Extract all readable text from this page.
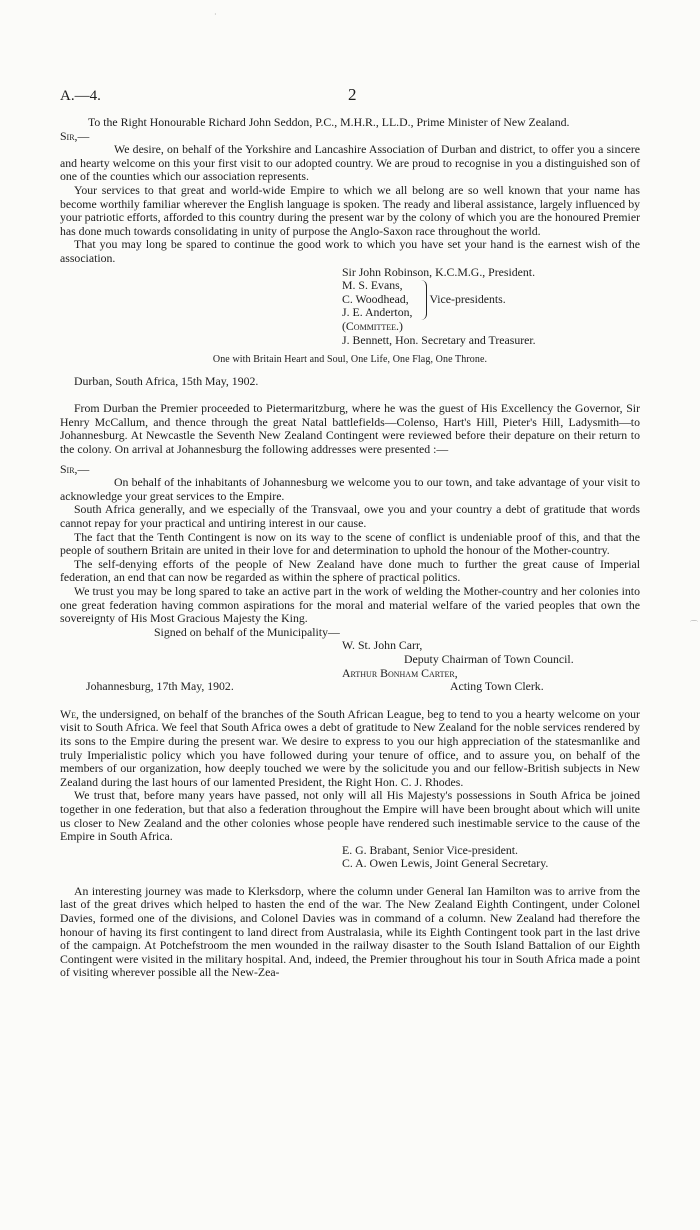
·
⌒
A.—4.	2

To the Right Honourable Richard John Seddon, P.C., M.H.R., LL.D., Prime Minister of New Zealand.

Sir,—

We desire, on behalf of the Yorkshire and Lancashire Association of Durban and district, to offer you a sincere and hearty welcome on this your first visit to our adopted country. We are proud to recognise in you a distinguished son of one of the counties which our association represents.

Your services to that great and world-wide Empire to which we all belong are so well known that your name has become worthily familiar wherever the English language is spoken. The ready and liberal assistance, largely influenced by your patriotic efforts, afforded to this country during the present war by the colony of which you are the honoured Premier has done much towards consolidating in unity of purpose the Anglo-Saxon race throughout the world.

That you may long be spared to continue the good work to which you have set your hand is the earnest wish of the association.

Sir John Robinson, K.C.M.G., President.
M. S. Evans,
C. Woodhead,
J. E. Anderton,
Vice-presidents.
(Committee.)
J. Bennett, Hon. Secretary and Treasurer.
One with Britain Heart and Soul, One Life, One Flag, One Throne.

Durban, South Africa, 15th May, 1902.

From Durban the Premier proceeded to Pietermaritzburg, where he was the guest of His Excellency the Governor, Sir Henry McCallum, and thence through the great Natal battlefields—Colenso, Hart's Hill, Pieter's Hill, Ladysmith—to Johannesburg. At Newcastle the Seventh New Zealand Contingent were reviewed before their depature on their return to the colony. On arrival at Johannesburg the following addresses were presented :—

Sir,—

On behalf of the inhabitants of Johannesburg we welcome you to our town, and take advantage of your visit to acknowledge your great services to the Empire.

South Africa generally, and we especially of the Transvaal, owe you and your country a debt of gratitude that words cannot repay for your practical and untiring interest in our cause.

The fact that the Tenth Contingent is now on its way to the scene of conflict is undeniable proof of this, and that the people of southern Britain are united in their love for and determination to uphold the honour of the Mother-country.

The self-denying efforts of the people of New Zealand have done much to further the great cause of Imperial federation, an end that can now be regarded as within the sphere of practical politics.

We trust you may be long spared to take an active part in the work of welding the Mother-country and her colonies into one great federation having common aspirations for the moral and material welfare of the varied peoples that own the sovereignty of His Most Gracious Majesty the King.

Signed on behalf of the Municipality—
W. St. John Carr,
Deputy Chairman of Town Council.
Arthur Bonham Carter,
Johannesburg, 17th May, 1902.	Acting Town Clerk.

We, the undersigned, on behalf of the branches of the South African League, beg to tend to you a hearty welcome on your visit to South Africa. We feel that South Africa owes a debt of gratitude to New Zealand for the noble services rendered by its sons to the Empire during the present war. We desire to express to you our high appreciation of the statesmanlike and truly Imperialistic policy which you have followed during your tenure of office, and to assure you, on behalf of the members of our organization, how deeply touched we were by the solicitude you and our fellow-British subjects in New Zealand during the last hours of our lamented President, the Right Hon. C. J. Rhodes.

We trust that, before many years have passed, not only will all His Majesty's possessions in South Africa be joined together in one federation, but that also a federation throughout the Empire will have been brought about which will unite us closer to New Zealand and the other colonies whose people have rendered such inestimable service to the cause of the Empire in South Africa.

E. G. Brabant, Senior Vice-president.
C. A. Owen Lewis, Joint General Secretary.

An interesting journey was made to Klerksdorp, where the column under General Ian Hamilton was to arrive from the last of the great drives which helped to hasten the end of the war. The New Zealand Eighth Contingent, under Colonel Davies, formed one of the divisions, and Colonel Davies was in command of a column. New Zealand had therefore the honour of having its first contingent to land direct from Australasia, while its Eighth Contingent took part in the last drive of the campaign. At Potchefstroom the men wounded in the railway disaster to the South Island Battalion of our Eighth Contingent were visited in the military hospital. And, indeed, the Premier throughout his tour in South Africa made a point of visiting wherever possible all the New-Zea-
